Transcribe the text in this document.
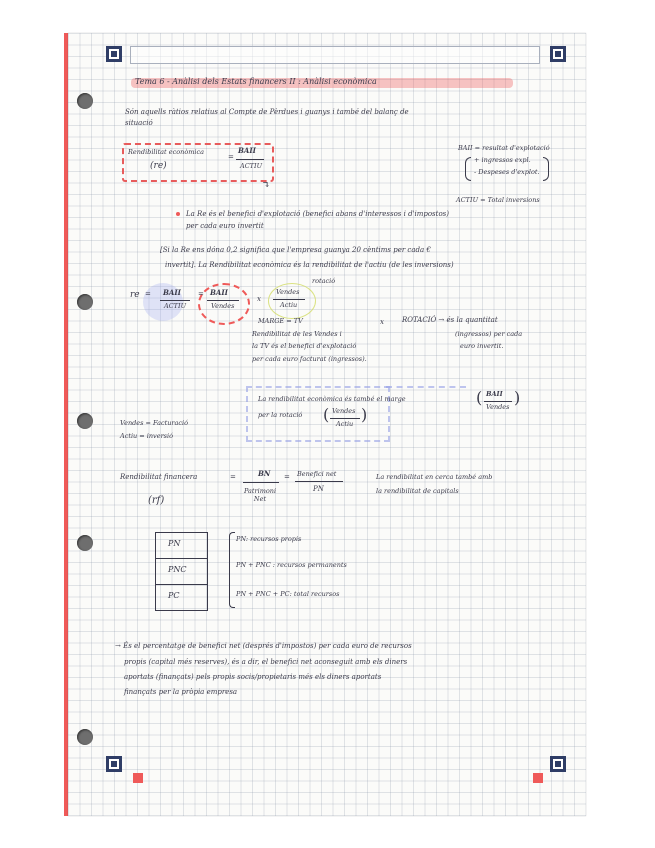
Tema 6 - Anàlisi dels Estats financers II : Anàlisi econòmica
Són aquells ràtios relatius al Compte de Pèrdues i guanys i també del balanç de
situació
Rendibilitat econòmica
(re)
=
BAII
ACTIU
↴
BAII = resultat d'explotació
+ ingressos expl.
- Despeses d'explot.
ACTIU = Total inversions
La Re és el benefici d'explotació (benefici abans d'interessos i d'impostos)
per cada euro invertit
[Si la Re ens dóna 0,2 significa que l'empresa guanya 20 cèntims per cada €
invertit]. La Rendibilitat econòmica és la rendibilitat de l'actiu (de les inversions)
re = BAII
ACTIU
= BAII
Vendes
x
Vendes
Actiu
rotació
MARGE = TV
Rendibilitat de les Vendes i
la TV és el benefici d'explotació
per cada euro facturat (ingressos).
x	ROTACIÓ → és la quantitat
(ingressos) per cada
euro invertit.
La rendibilitat econòmica és també el marge	( BAII
Vendes )
per la rotació ( Vendes
Actiu )
Vendes = Facturació
Actiu = inversió
Rendibilitat financera	=	BN
Patrimoni Net
= Benefici net
PN
(rf)
La rendibilitat en cerca també amb
la rendibilitat de capitals
PN
PNC
PC
PN: recursos propis
PN + PNC : recursos permanents
PN + PNC + PC: total recursos
→ És el percentatge de benefici net (després d'impostos) per cada euro de recursos
propis (capital més reserves), és a dir, el benefici net aconseguit amb els diners
aportats (finançats) pels propis socis/propietaris més els diners aportats
finançats per la pròpia empresa
